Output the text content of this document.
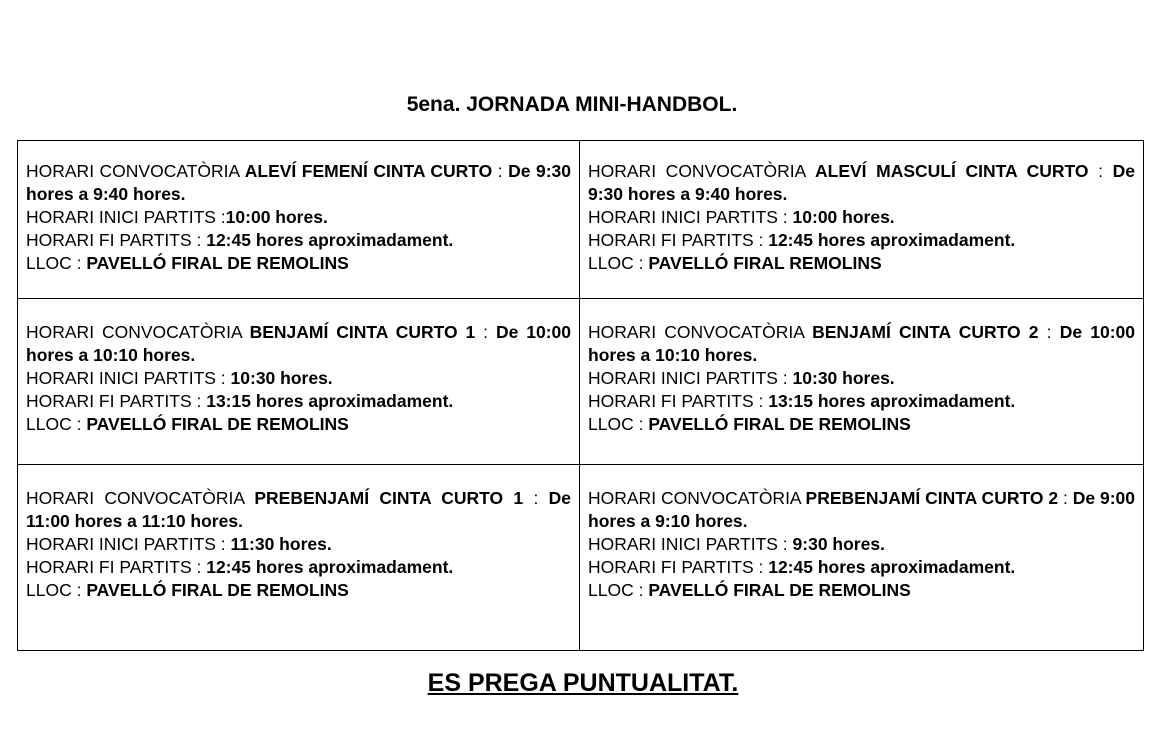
5ena. JORNADA MINI-HANDBOL.
HORARI CONVOCATÒRIA ALEVÍ FEMENÍ CINTA CURTO : De 9:30 hores a 9:40 hores.
HORARI INICI PARTITS :10:00 hores.
HORARI FI PARTITS : 12:45 hores aproximadament.
LLOC : PAVELLÓ FIRAL DE REMOLINS	HORARI CONVOCATÒRIA ALEVÍ MASCULÍ CINTA CURTO : De 9:30 hores a 9:40 hores.
HORARI INICI PARTITS : 10:00 hores.
HORARI FI PARTITS : 12:45 hores aproximadament.
LLOC : PAVELLÓ FIRAL REMOLINS

HORARI CONVOCATÒRIA BENJAMÍ CINTA CURTO 1 : De 10:00 hores a 10:10 hores.
HORARI INICI PARTITS : 10:30 hores.
HORARI FI PARTITS : 13:15 hores aproximadament.
LLOC : PAVELLÓ FIRAL DE REMOLINS	HORARI CONVOCATÒRIA BENJAMÍ CINTA CURTO 2 : De 10:00 hores a 10:10 hores.
HORARI INICI PARTITS : 10:30 hores.
HORARI FI PARTITS : 13:15 hores aproximadament.
LLOC : PAVELLÓ FIRAL DE REMOLINS

HORARI CONVOCATÒRIA PREBENJAMÍ CINTA CURTO 1 : De 11:00 hores a 11:10 hores.
HORARI INICI PARTITS : 11:30 hores.
HORARI FI PARTITS : 12:45 hores aproximadament.
LLOC : PAVELLÓ FIRAL DE REMOLINS	HORARI CONVOCATÒRIA PREBENJAMÍ CINTA CURTO 2 : De 9:00 hores a 9:10 hores.
HORARI INICI PARTITS : 9:30 hores.
HORARI FI PARTITS : 12:45 hores aproximadament.
LLOC : PAVELLÓ FIRAL DE REMOLINS
ES PREGA PUNTUALITAT.
